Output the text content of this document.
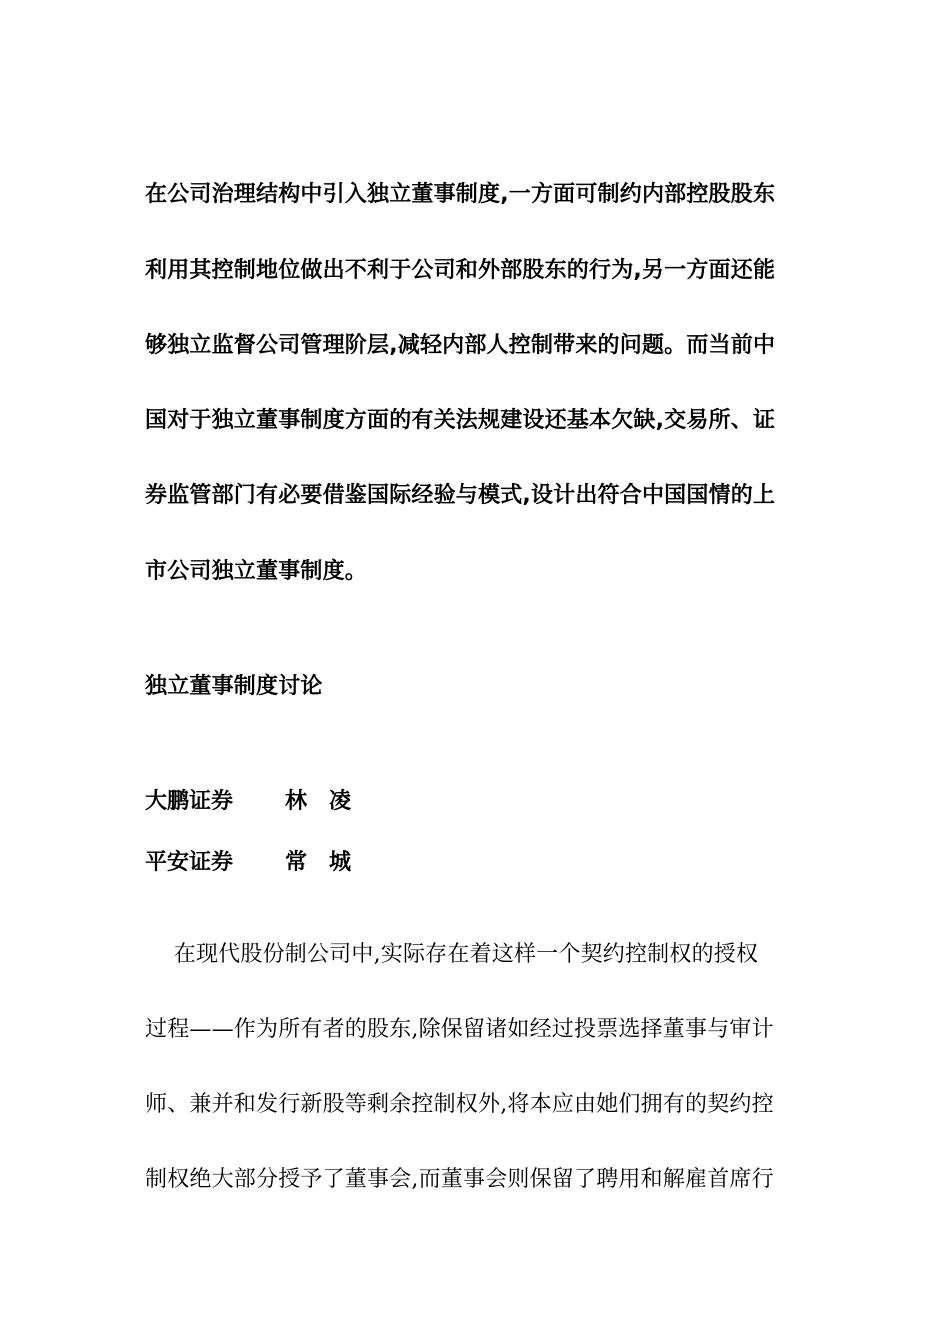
在公司治理结构中引入独立董事制度,一方面可制约内部控股股东
利用其控制地位做出不利于公司和外部股东的行为,另一方面还能
够独立监督公司管理阶层,减轻内部人控制带来的问题。而当前中
国对于独立董事制度方面的有关法规建设还基本欠缺,交易所、证
券监管部门有必要借鉴国际经验与模式,设计出符合中国国情的上
市公司独立董事制度。
独立董事制度讨论
大鹏证券 林凌
平安证券 常城
在现代股份制公司中,实际存在着这样一个契约控制权的授权
过程——作为所有者的股东,除保留诸如经过投票选择董事与审计
师、兼并和发行新股等剩余控制权外,将本应由她们拥有的契约控
制权绝大部分授予了董事会,而董事会则保留了聘用和解雇首席行
